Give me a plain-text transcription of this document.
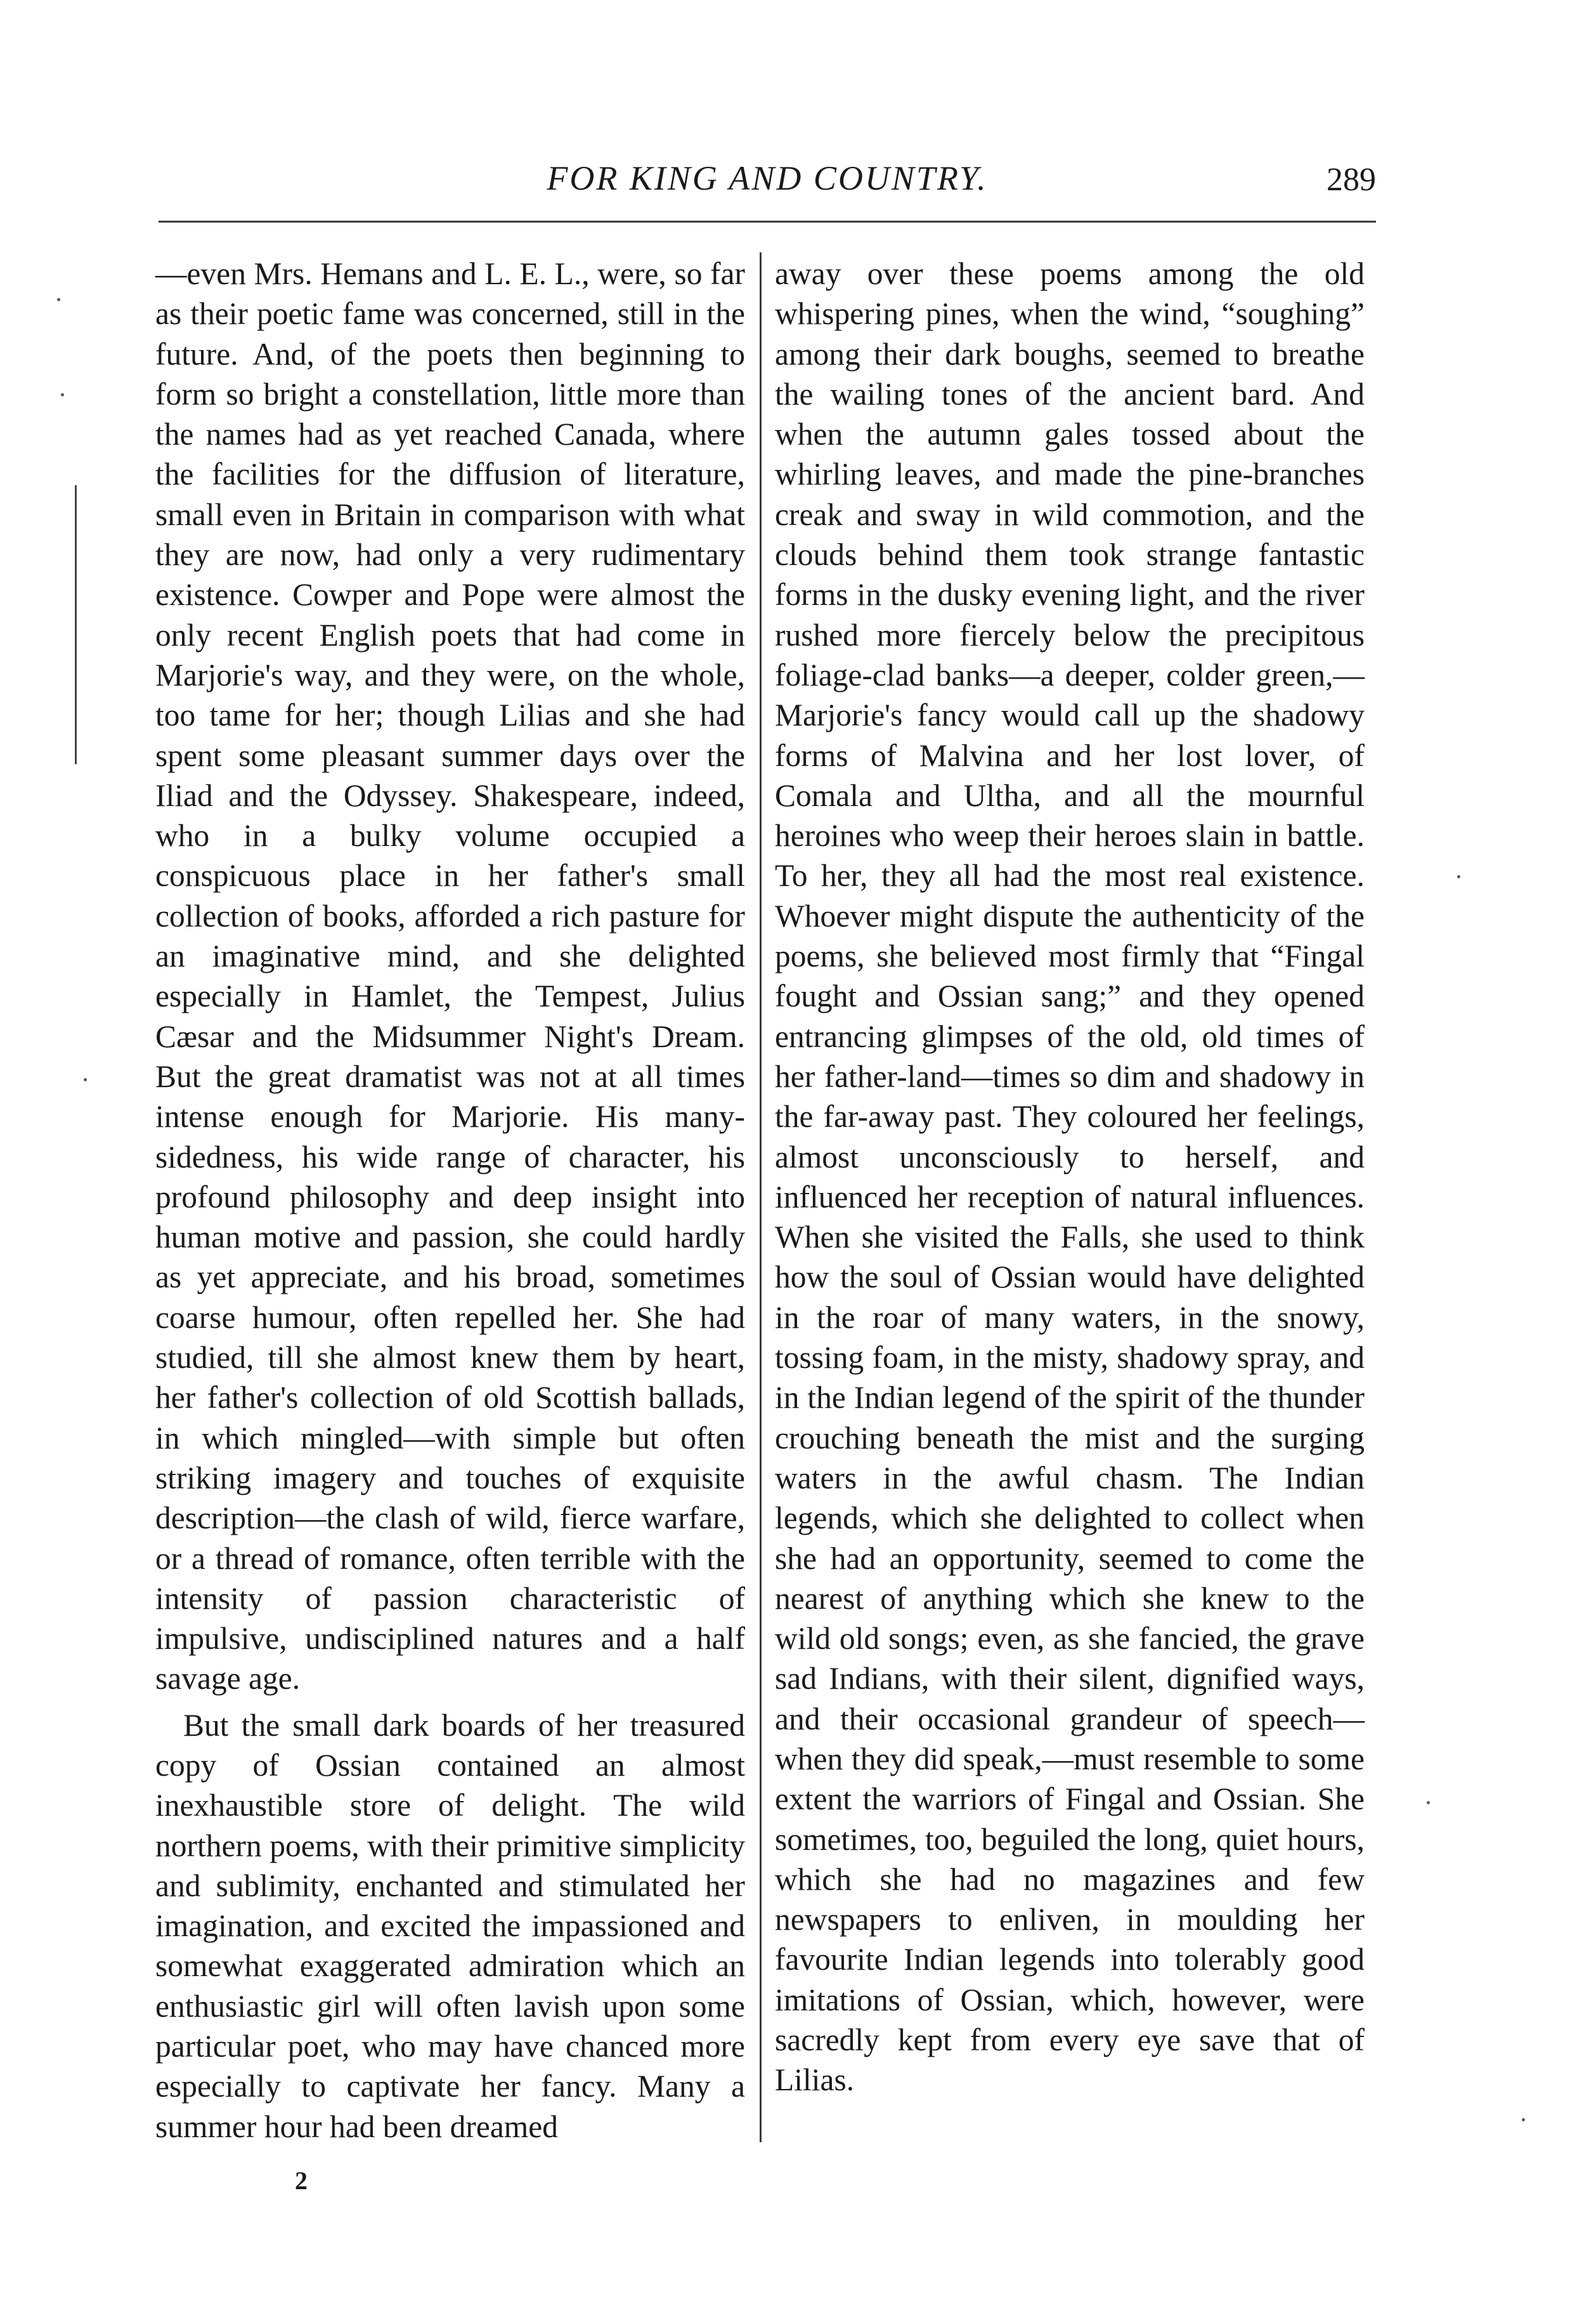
FOR KING AND COUNTRY.	289

—even Mrs. Hemans and L. E. L., were, so far as their poetic fame was concerned, still in the future. And, of the poets then beginning to form so bright a constellation, little more than the names had as yet reached Canada, where the facilities for the diffusion of literature, small even in Britain in comparison with what they are now, had only a very rudimentary existence. Cowper and Pope were almost the only recent English poets that had come in Marjorie's way, and they were, on the whole, too tame for her; though Lilias and she had spent some pleasant summer days over the Iliad and the Odyssey. Shakespeare, indeed, who in a bulky volume occupied a conspicuous place in her father's small collection of books, afforded a rich pasture for an imaginative mind, and she delighted especially in Hamlet, the Tempest, Julius Cæsar and the Midsummer Night's Dream. But the great dramatist was not at all times intense enough for Marjorie. His many-sidedness, his wide range of character, his profound philosophy and deep insight into human motive and passion, she could hardly as yet appreciate, and his broad, sometimes coarse humour, often repelled her. She had studied, till she almost knew them by heart, her father's collection of old Scottish ballads, in which mingled—with simple but often striking imagery and touches of exquisite description—the clash of wild, fierce warfare, or a thread of romance, often terrible with the intensity of passion characteristic of impulsive, undisciplined natures and a half savage age.

But the small dark boards of her treasured copy of Ossian contained an almost inexhaustible store of delight. The wild northern poems, with their primitive simplicity and sublimity, enchanted and stimulated her imagination, and excited the impassioned and somewhat exaggerated admiration which an enthusiastic girl will often lavish upon some particular poet, who may have chanced more especially to captivate her fancy. Many a summer hour had been dreamed

away over these poems among the old whispering pines, when the wind, “soughing” among their dark boughs, seemed to breathe the wailing tones of the ancient bard. And when the autumn gales tossed about the whirling leaves, and made the pine-branches creak and sway in wild commotion, and the clouds behind them took strange fantastic forms in the dusky evening light, and the river rushed more fiercely below the precipitous foliage-clad banks—a deeper, colder green,—Marjorie's fancy would call up the shadowy forms of Malvina and her lost lover, of Comala and Ultha, and all the mournful heroines who weep their heroes slain in battle. To her, they all had the most real existence. Whoever might dispute the authenticity of the poems, she believed most firmly that “Fingal fought and Ossian sang;” and they opened entrancing glimpses of the old, old times of her father-land—times so dim and shadowy in the far-away past. They coloured her feelings, almost unconsciously to herself, and influenced her reception of natural influences. When she visited the Falls, she used to think how the soul of Ossian would have delighted in the roar of many waters, in the snowy, tossing foam, in the misty, shadowy spray, and in the Indian legend of the spirit of the thunder crouching beneath the mist and the surging waters in the awful chasm. The Indian legends, which she delighted to collect when she had an opportunity, seemed to come the nearest of anything which she knew to the wild old songs; even, as she fancied, the grave sad Indians, with their silent, dignified ways, and their occasional grandeur of speech—when they did speak,—must resemble to some extent the warriors of Fingal and Ossian. She sometimes, too, beguiled the long, quiet hours, which she had no magazines and few newspapers to enliven, in moulding her favourite Indian legends into tolerably good imitations of Ossian, which, however, were sacredly kept from every eye save that of Lilias.

2
